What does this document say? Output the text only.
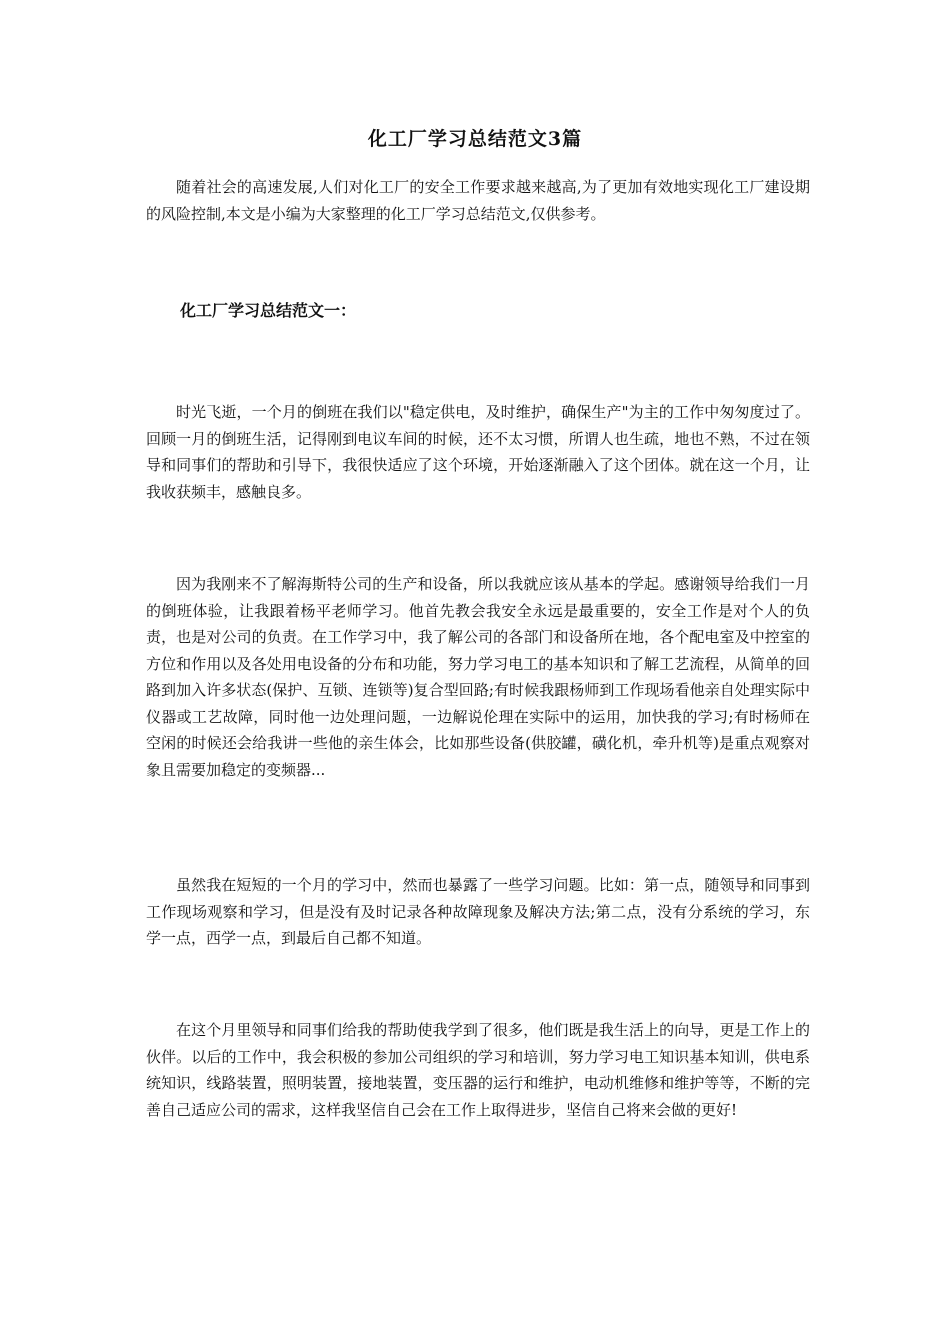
化工厂学习总结范文3篇

随着社会的高速发展,人们对化工厂的安全工作要求越来越高,为了更加有效地实现化工厂建设期的风险控制,本文是小编为大家整理的化工厂学习总结范文,仅供参考。

化工厂学习总结范文一：

时光飞逝，一个月的倒班在我们以"稳定供电，及时维护，确保生产"为主的工作中匆匆度过了。回顾一月的倒班生活，记得刚到电议车间的时候，还不太习惯，所谓人也生疏，地也不熟，不过在领导和同事们的帮助和引导下，我很快适应了这个环境，开始逐渐融入了这个团体。就在这一个月，让我收获频丰，感触良多。

因为我刚来不了解海斯特公司的生产和设备，所以我就应该从基本的学起。感谢领导给我们一月的倒班体验，让我跟着杨平老师学习。他首先教会我安全永远是最重要的，安全工作是对个人的负责，也是对公司的负责。在工作学习中，我了解公司的各部门和设备所在地，各个配电室及中控室的方位和作用以及各处用电设备的分布和功能，努力学习电工的基本知识和了解工艺流程，从简单的回路到加入许多状态(保护、互锁、连锁等)复合型回路;有时候我跟杨师到工作现场看他亲自处理实际中仪器或工艺故障，同时他一边处理问题，一边解说伦理在实际中的运用，加快我的学习;有时杨师在空闲的时候还会给我讲一些他的亲生体会，比如那些设备(供胶罐，磺化机，牵升机等)是重点观察对象且需要加稳定的变频器...

虽然我在短短的一个月的学习中，然而也暴露了一些学习问题。比如：第一点，随领导和同事到工作现场观察和学习，但是没有及时记录各种故障现象及解决方法;第二点，没有分系统的学习，东学一点，西学一点，到最后自己都不知道。

在这个月里领导和同事们给我的帮助使我学到了很多，他们既是我生活上的向导，更是工作上的伙伴。以后的工作中，我会积极的参加公司组织的学习和培训，努力学习电工知识基本知训，供电系统知识，线路装置，照明装置，接地装置，变压器的运行和维护，电动机维修和维护等等，不断的完善自己适应公司的需求，这样我坚信自己会在工作上取得进步，坚信自己将来会做的更好!
